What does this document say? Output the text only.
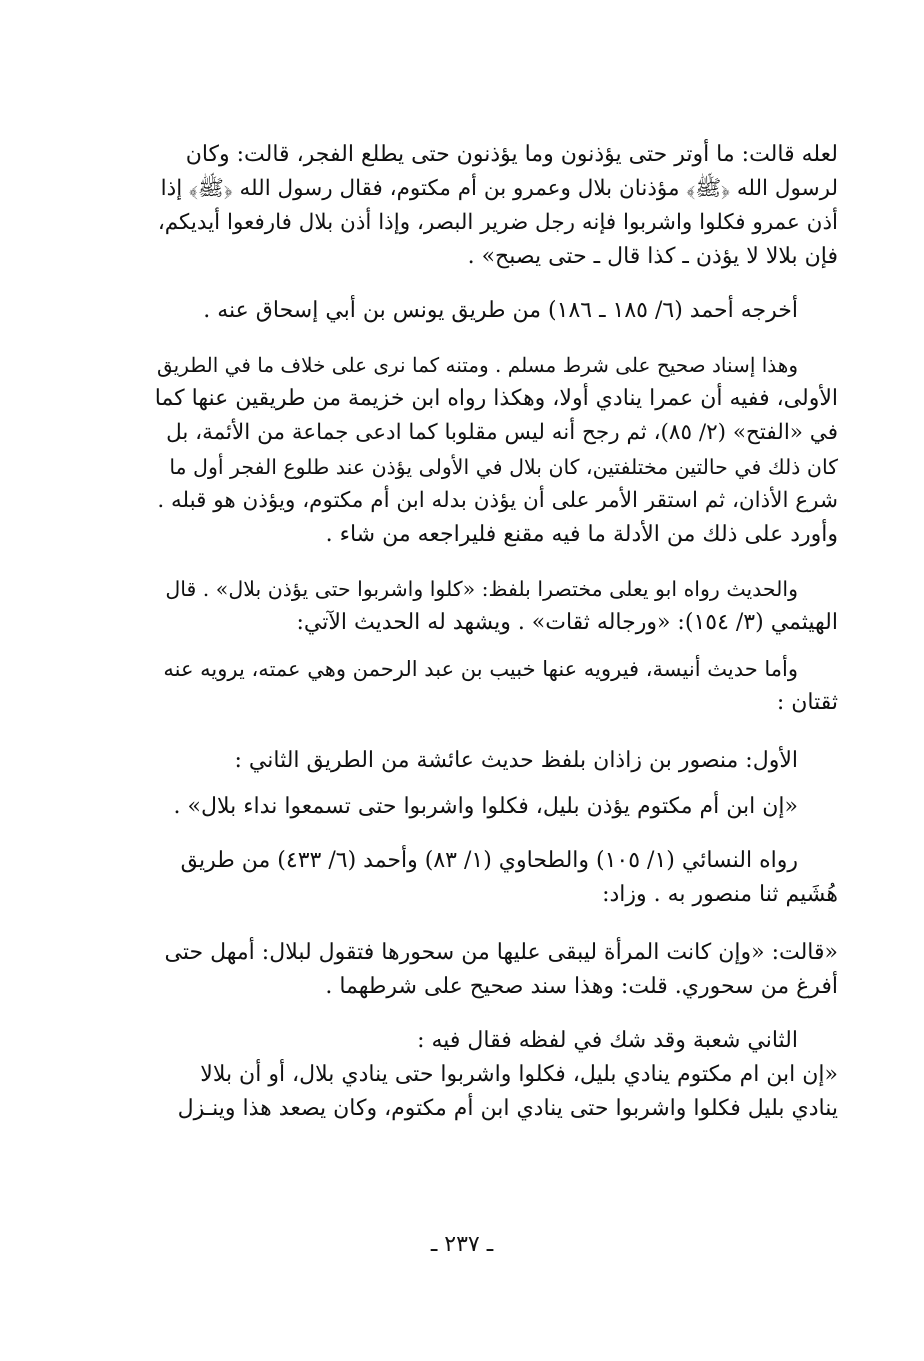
لعله قالت: ما أوتر حتى يؤذنون وما يؤذنون حتى يطلع الفجر، قالت: وكان
لرسول الله ﴿ﷺ﴾ مؤذنان بلال وعمرو بن أم مكتوم، فقال رسول الله ﴿ﷺ﴾ إذا
أذن عمرو فكلوا واشربوا فإنه رجل ضرير البصر، وإذا أذن بلال فارفعوا أيديكم،
فإن بلالا لا يؤذن ـ كذا قال ـ حتى يصبح» .

أخرجه أحمد (٦/ ١٨٥ ـ ١٨٦) من طريق يونس بن أبي إسحاق عنه .

وهذا إسناد صحيح على شرط مسلم . ومتنه كما نرى على خلاف ما في الطريق
الأولى، ففيه أن عمرا ينادي أولا، وهكذا رواه ابن خزيمة من طريقين عنها كما
في «الفتح» (٢/ ٨٥)، ثم رجح أنه ليس مقلوبا كما ادعى جماعة من الأئمة، بل
كان ذلك في حالتين مختلفتين، كان بلال في الأولى يؤذن عند طلوع الفجر أول ما
شرع الأذان، ثم استقر الأمر على أن يؤذن بدله ابن أم مكتوم، ويؤذن هو قبله .
وأورد على ذلك من الأدلة ما فيه مقنع فليراجعه من شاء .

والحديث رواه ابو يعلى مختصرا بلفظ: «كلوا واشربوا حتى يؤذن بلال» . قال
الهيثمي (٣/ ١٥٤): «ورجاله ثقات» . ويشهد له الحديث الآتي:

وأما حديث أنيسة، فيرويه عنها خبيب بن عبد الرحمن وهي عمته، يرويه عنه
ثقتان :

الأول: منصور بن زاذان بلفظ حديث عائشة من الطريق الثاني :

«إن ابن أم مكتوم يؤذن بليل، فكلوا واشربوا حتى تسمعوا نداء بلال» .

رواه النسائي (١/ ١٠٥) والطحاوي (١/ ٨٣) وأحمد (٦/ ٤٣٣) من طريق
هُشَيم ثنا منصور به . وزاد:

«قالت: «وإن كانت المرأة ليبقى عليها من سحورها فتقول لبلال: أمهل حتى
أفرغ من سحوري. قلت: وهذا سند صحيح على شرطهما .

الثاني شعبة وقد شك في لفظه فقال فيه :

«إن ابن ام مكتوم ينادي بليل، فكلوا واشربوا حتى ينادي بلال، أو أن بلالا
ينادي بليل فكلوا واشربوا حتى ينادي ابن أم مكتوم، وكان يصعد هذا وينـزل

ـ ٢٣٧ ـ
